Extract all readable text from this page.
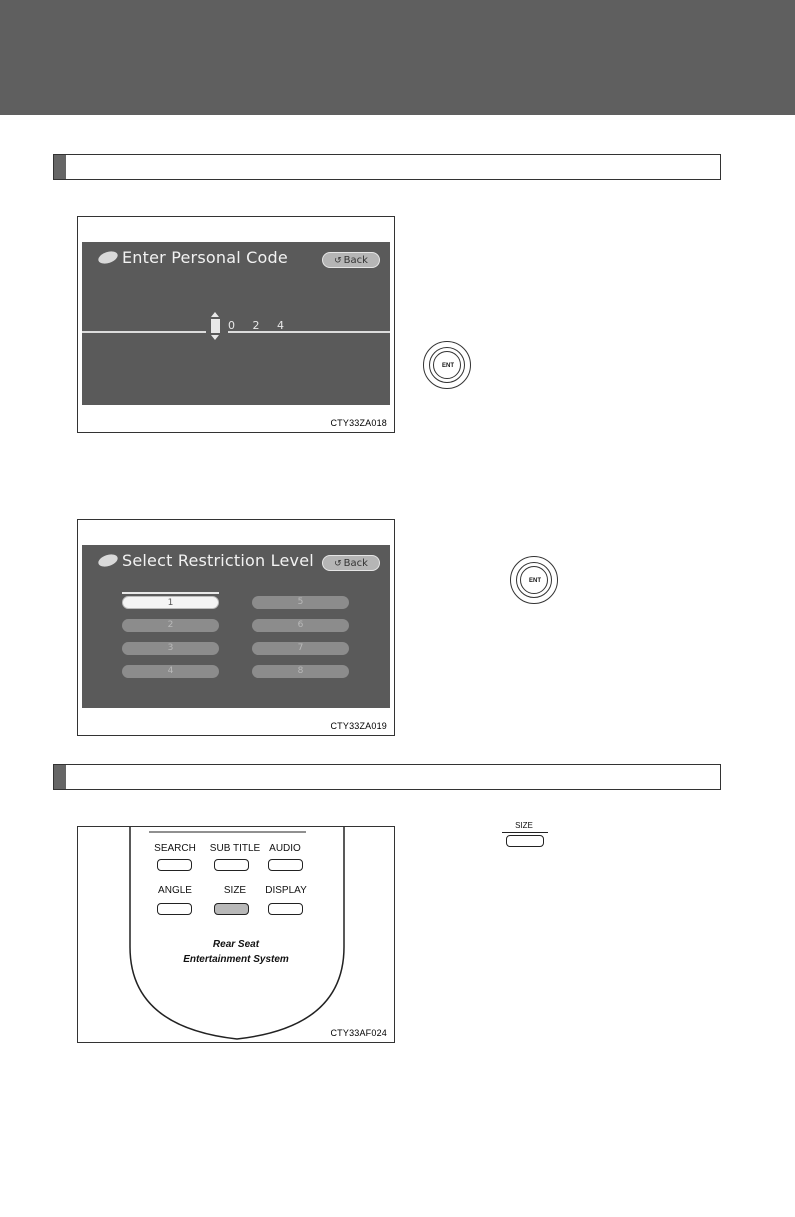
Enter Personal Code	↺ Back
0 2 4
CTY33ZA018
ENT
Select Restriction Level	↺ Back
1
2
3
4
5
6
7
8
CTY33ZA019
ENT
SEARCH	SUB TITLE AUDIO
ANGLE	SIZE	DISPLAY
Rear Seat
Entertainment System
CTY33AF024
SIZE
